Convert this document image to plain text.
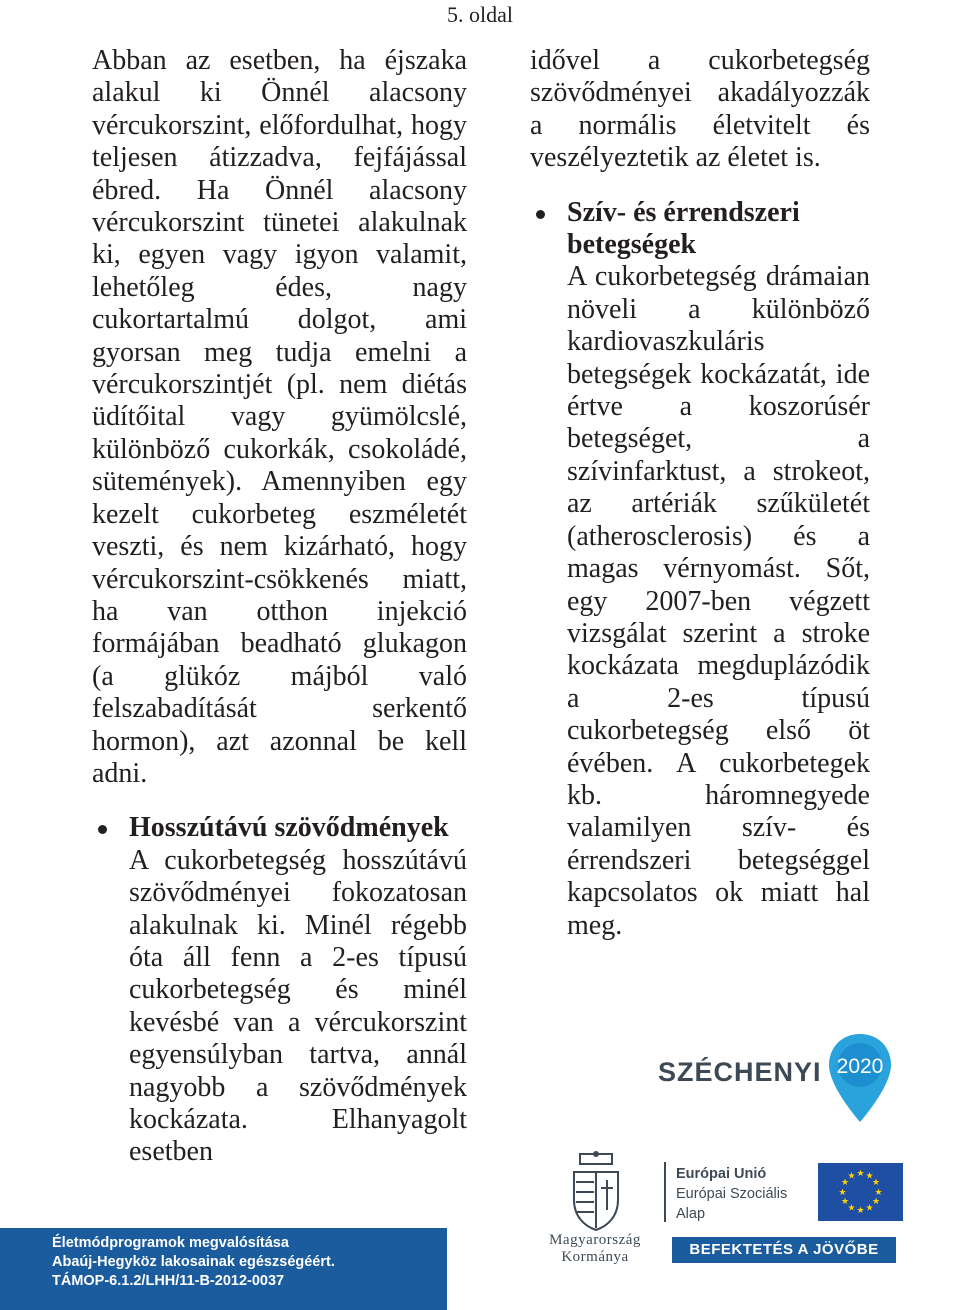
5. oldal

Abban az esetben, ha éjszaka alakul ki Önnél alacsony vércukorszint, előfordulhat, hogy teljesen átizzadva, fejfájással ébred. Ha Önnél alacsony vércukorszint tünetei alakulnak ki, egyen vagy igyon valamit, lehetőleg édes, nagy cukortartalmú dolgot, ami gyorsan meg tudja emelni a vércukorszintjét (pl. nem diétás üdítőital vagy gyümölcslé, különböző cukorkák, csokoládé, sütemények). Amennyiben egy kezelt cukorbeteg eszméletét veszti, és nem kizárható, hogy vércukorszint-csökkenés miatt, ha van otthon injekció formájában beadható glukagon (a glükóz májból való felszabadítását serkentő hormon), azt azonnal be kell adni.

Hosszútávú szövődmények

A cukorbetegség hosszútávú szövődményei fokozatosan alakulnak ki. Minél régebb óta áll fenn a 2-es típusú cukorbetegség és minél kevésbé van a vércukorszint egyensúlyban tartva, annál nagyobb a szövődmények kockázata. Elhanyagolt esetben

idővel a cukorbetegség szövődményei akadályozzák a normális életvitelt és veszélyeztetik az életet is.

Szív- és érrendszeri betegségek

A cukorbetegség drámaian növeli a különböző kardiovaszkuláris betegségek kockázatát, ide értve a koszorúsér betegséget, a szívinfarktust, a strokeot, az artériák szűkületét (atherosclerosis) és a magas vérnyomást. Sőt, egy 2007-ben végzett vizsgálat szerint a stroke kockázata megduplázódik a 2-es típusú cukorbetegség első öt évében. A cukorbetegek kb. háromnegyede valamilyen szív- és érrendszeri betegséggel kapcsolatos ok miatt hal meg.

Életmódprogramok megvalósítása
Abaúj-Hegyköz lakosainak egészségéért.
TÁMOP-6.1.2/LHH/11-B-2012-0037
SZÉCHENYI 2020
Magyarország
Kormánya
Európai Unió
Európai Szociális
Alap
★ ★
★
★
★
★
★
★
★
★
★
★
BEFEKTETÉS A JÖVŐBE
